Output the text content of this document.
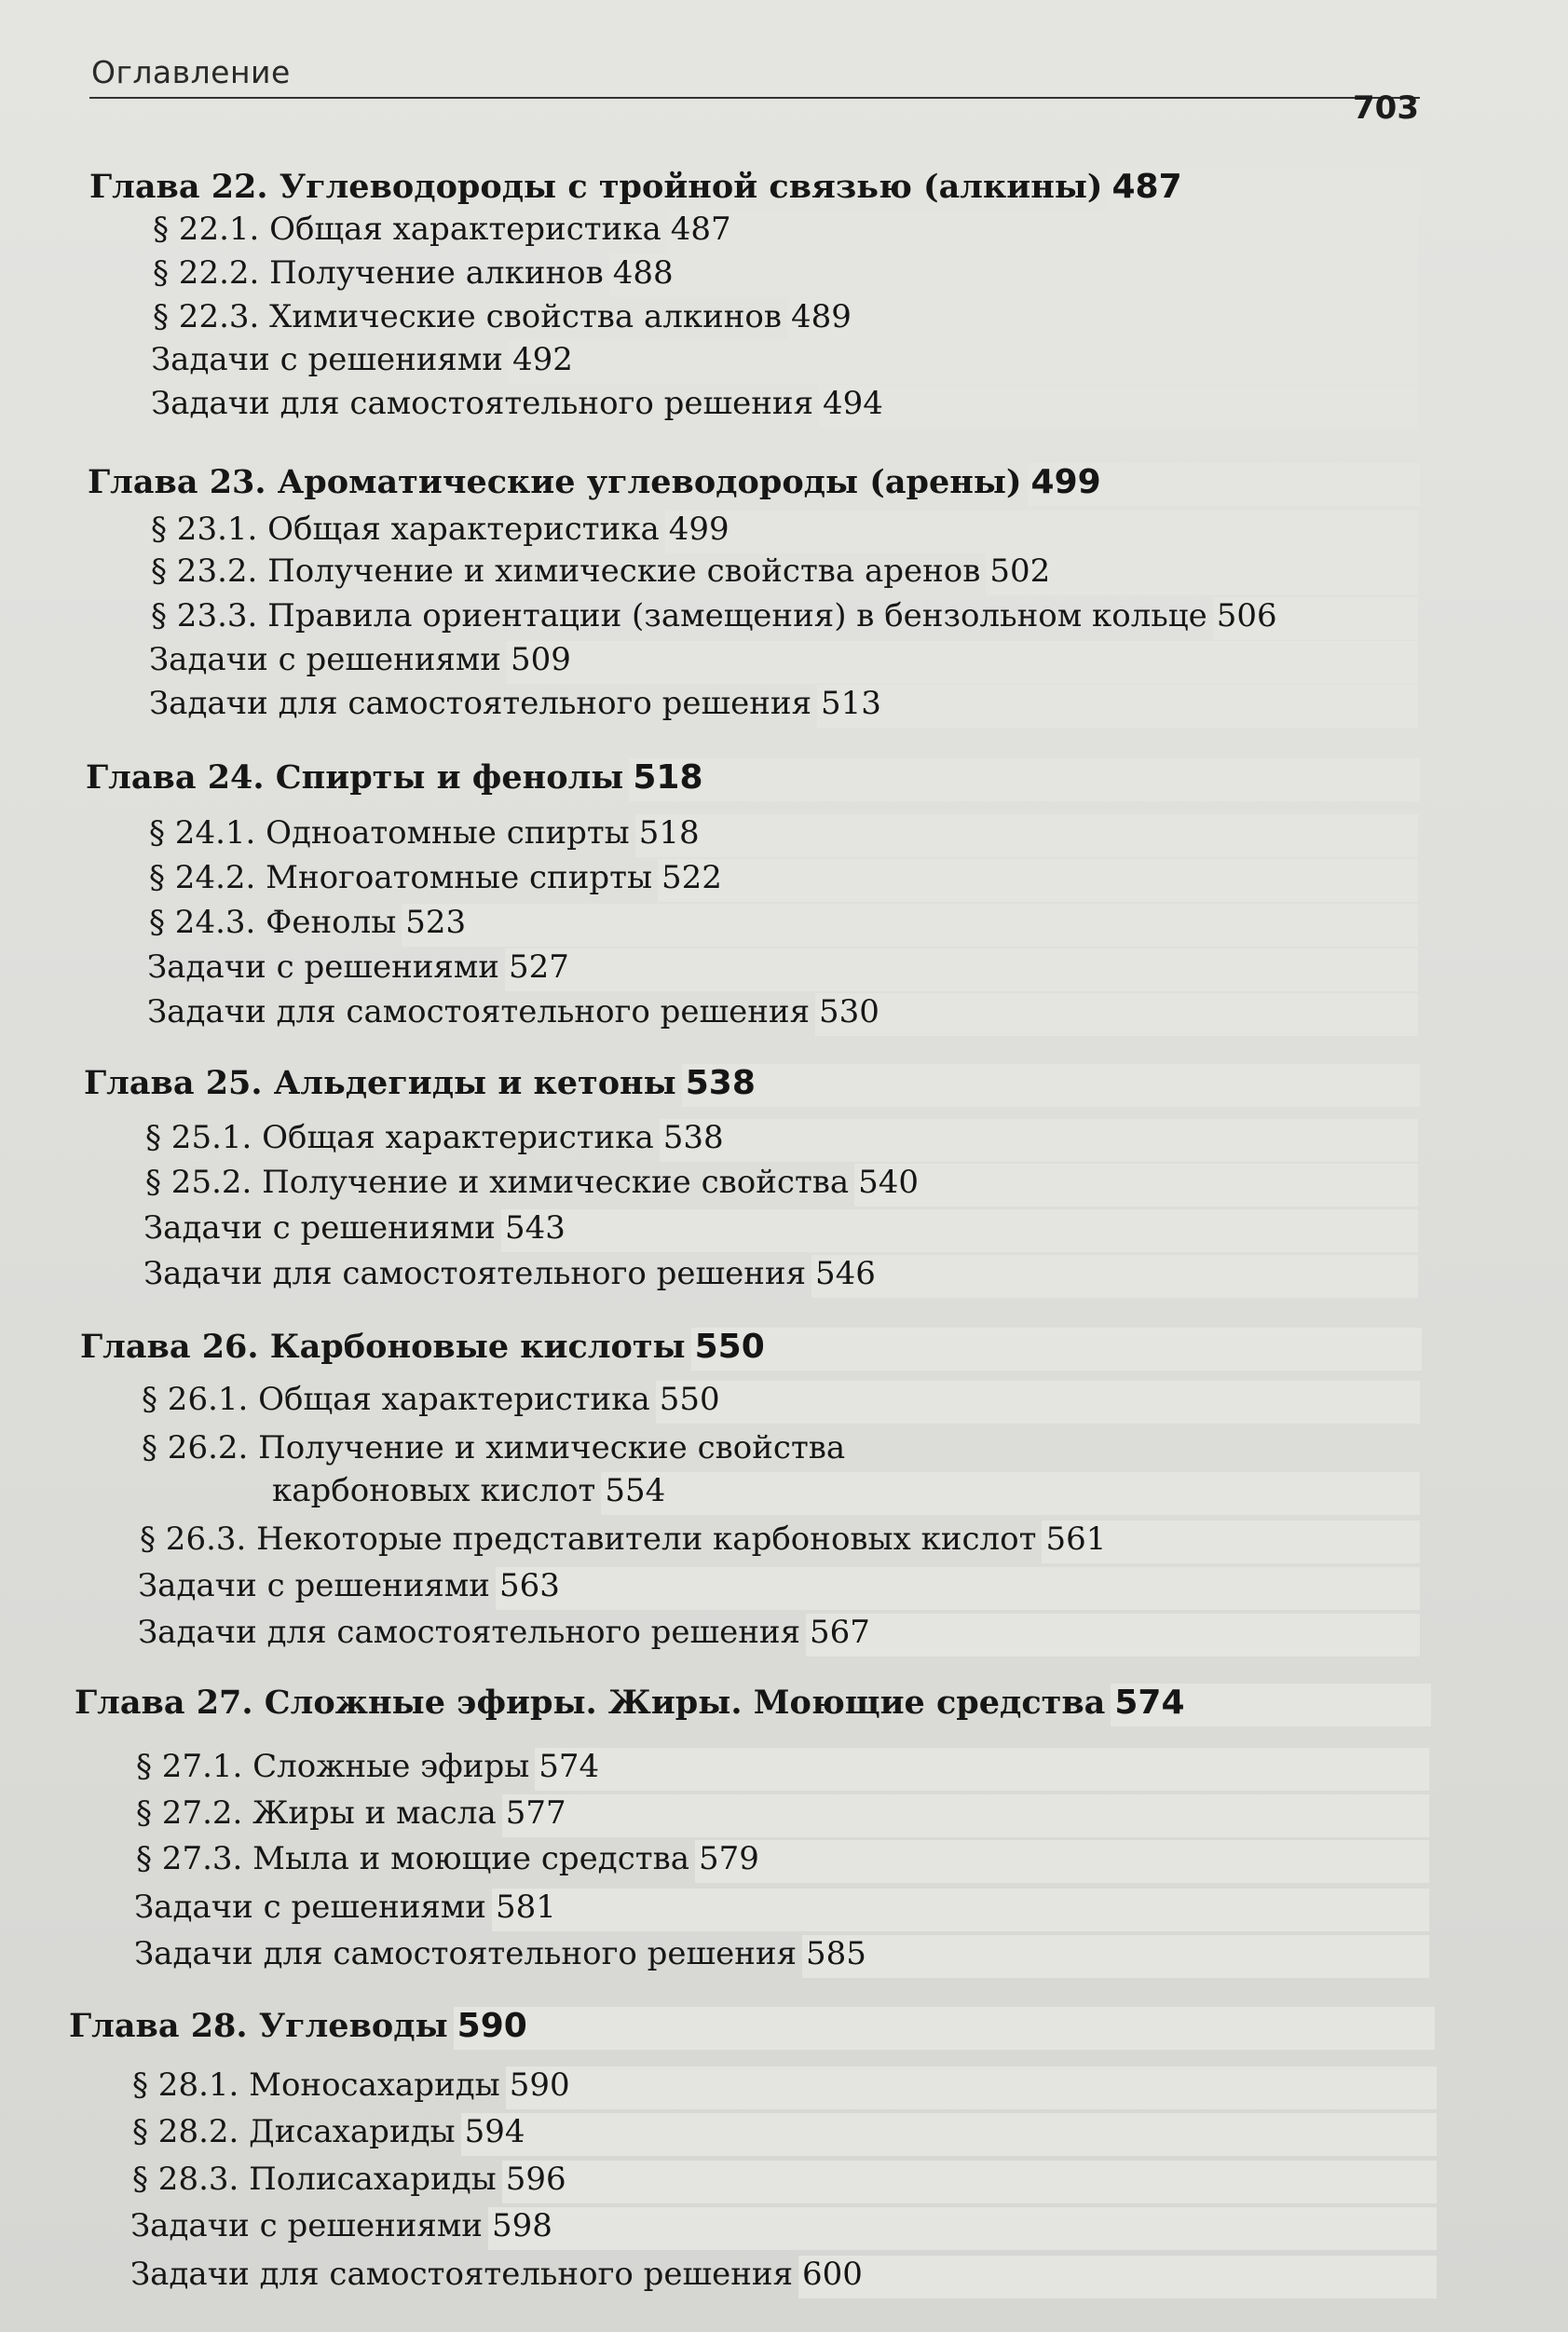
Оглавление
703
Глава 22. Углеводороды с тройной связью (алкины) 487
§ 22.1. Общая характеристика 487
§ 22.2. Получение алкинов 488
§ 22.3. Химические свойства алкинов 489
Задачи с решениями 492
Задачи для самостоятельного решения 494
Глава 23. Ароматические углеводороды (арены) 499
§ 23.1. Общая характеристика 499
§ 23.2. Получение и химические свойства аренов 502
§ 23.3. Правила ориентации (замещения) в бензольном кольце 506
Задачи с решениями 509
Задачи для самостоятельного решения 513
Глава 24. Спирты и фенолы 518
§ 24.1. Одноатомные спирты 518
§ 24.2. Многоатомные спирты 522
§ 24.3. Фенолы 523
Задачи с решениями 527
Задачи для самостоятельного решения 530
Глава 25. Альдегиды и кетоны 538
§ 25.1. Общая характеристика 538
§ 25.2. Получение и химические свойства 540
Задачи с решениями 543
Задачи для самостоятельного решения 546
Глава 26. Карбоновые кислоты 550
§ 26.1. Общая характеристика 550
§ 26.2. Получение и химические свойства
карбоновых кислот 554
§ 26.3. Некоторые представители карбоновых кислот 561
Задачи с решениями 563
Задачи для самостоятельного решения 567
Глава 27. Сложные эфиры. Жиры. Моющие средства 574
§ 27.1. Сложные эфиры 574
§ 27.2. Жиры и масла 577
§ 27.3. Мыла и моющие средства 579
Задачи с решениями 581
Задачи для самостоятельного решения 585
Глава 28. Углеводы 590
§ 28.1. Моносахариды 590
§ 28.2. Дисахариды 594
§ 28.3. Полисахариды 596
Задачи с решениями 598
Задачи для самостоятельного решения 600
